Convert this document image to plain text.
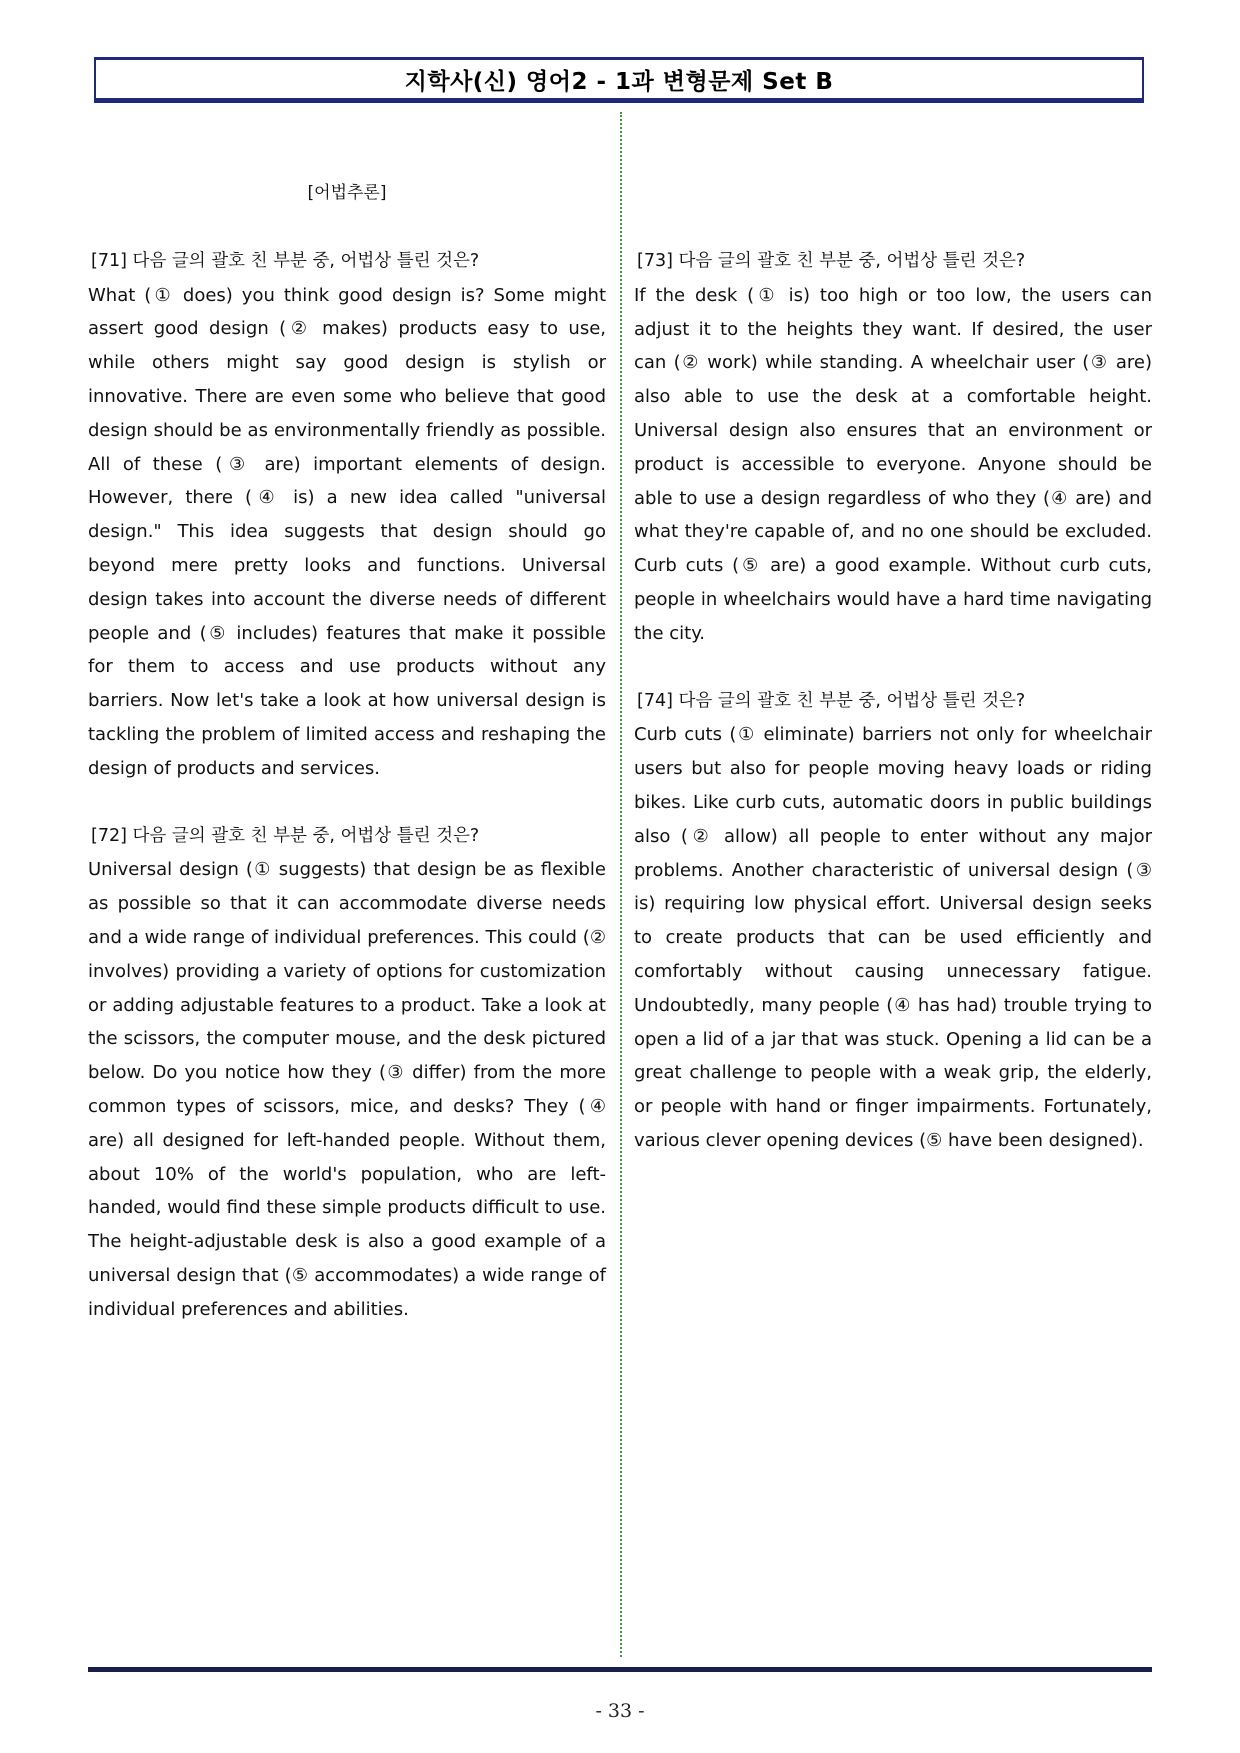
지학사(신) 영어2 - 1과 변형문제 Set B
[어법추론]
[71] 다음 글의 괄호 친 부분 중, 어법상 틀린 것은?
What (① does) you think good design is? Some might assert good design (② makes) products easy to use, while others might say good design is stylish or innovative. There are even some who believe that good design should be as environmentally friendly as possible. All of these (③ are) important elements of design. However, there (④ is) a new idea called "universal design." This idea suggests that design should go beyond mere pretty looks and functions. Universal design takes into account the diverse needs of different people and (⑤ includes) features that make it possible for them to access and use products without any barriers. Now let's take a look at how universal design is tackling the problem of limited access and reshaping the design of products and services.
[72] 다음 글의 괄호 친 부분 중, 어법상 틀린 것은?
Universal design (① suggests) that design be as flexible as possible so that it can accommodate diverse needs and a wide range of individual preferences. This could (② involves) providing a variety of options for customization or adding adjustable features to a product. Take a look at the scissors, the computer mouse, and the desk pictured below. Do you notice how they (③ differ) from the more common types of scissors, mice, and desks? They (④ are) all designed for left-handed people. Without them, about 10% of the world's population, who are left-handed, would find these simple products difficult to use. The height-adjustable desk is also a good example of a universal design that (⑤ accommodates) a wide range of individual preferences and abilities.
[73] 다음 글의 괄호 친 부분 중, 어법상 틀린 것은?
If the desk (① is) too high or too low, the users can adjust it to the heights they want. If desired, the user can (② work) while standing. A wheelchair user (③ are) also able to use the desk at a comfortable height. Universal design also ensures that an environment or product is accessible to everyone. Anyone should be able to use a design regardless of who they (④ are) and what they're capable of, and no one should be excluded. Curb cuts (⑤ are) a good example. Without curb cuts, people in wheelchairs would have a hard time navigating the city.
[74] 다음 글의 괄호 친 부분 중, 어법상 틀린 것은?
Curb cuts (① eliminate) barriers not only for wheelchair users but also for people moving heavy loads or riding bikes. Like curb cuts, automatic doors in public buildings also (② allow) all people to enter without any major problems. Another characteristic of universal design (③ is) requiring low physical effort. Universal design seeks to create products that can be used efficiently and comfortably without causing unnecessary fatigue. Undoubtedly, many people (④ has had) trouble trying to open a lid of a jar that was stuck. Opening a lid can be a great challenge to people with a weak grip, the elderly, or people with hand or finger impairments. Fortunately, various clever opening devices (⑤ have been designed).
- 33 -
